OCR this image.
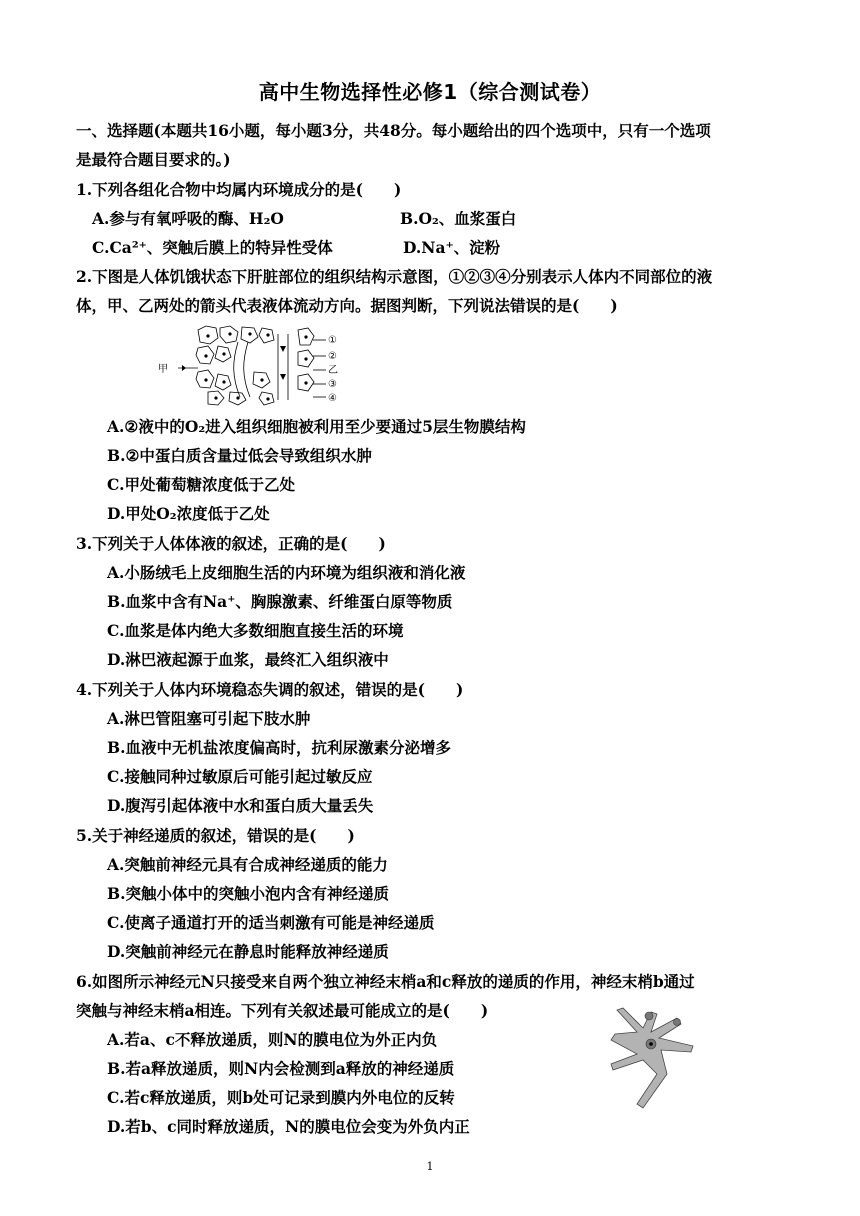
高中生物选择性必修1（综合测试卷）
一、选择题(本题共16小题，每小题3分，共48分。每小题给出的四个选项中，只有一个选项
是最符合题目要求的。)
1.下列各组化合物中均属内环境成分的是(　　)
A.参与有氧呼吸的酶、H₂O	B.O₂、血浆蛋白
C.Ca²⁺、突触后膜上的特异性受体	D.Na⁺、淀粉
2.下图是人体饥饿状态下肝脏部位的组织结构示意图，①②③④分别表示人体内不同部位的液
体，甲、乙两处的箭头代表液体流动方向。据图判断，下列说法错误的是(　　)
甲
①
②
乙
③
④
A.②液中的O₂进入组织细胞被利用至少要通过5层生物膜结构
B.②中蛋白质含量过低会导致组织水肿
C.甲处葡萄糖浓度低于乙处
D.甲处O₂浓度低于乙处
3.下列关于人体体液的叙述，正确的是(　　)
A.小肠绒毛上皮细胞生活的内环境为组织液和消化液
B.血浆中含有Na⁺、胸腺激素、纤维蛋白原等物质
C.血浆是体内绝大多数细胞直接生活的环境
D.淋巴液起源于血浆，最终汇入组织液中
4.下列关于人体内环境稳态失调的叙述，错误的是(　　)
A.淋巴管阻塞可引起下肢水肿
B.血液中无机盐浓度偏高时，抗利尿激素分泌增多
C.接触同种过敏原后可能引起过敏反应
D.腹泻引起体液中水和蛋白质大量丢失
5.关于神经递质的叙述，错误的是(　　)
A.突触前神经元具有合成神经递质的能力
B.突触小体中的突触小泡内含有神经递质
C.使离子通道打开的适当刺激有可能是神经递质
D.突触前神经元在静息时能释放神经递质
6.如图所示神经元N只接受来自两个独立神经末梢a和c释放的递质的作用，神经末梢b通过
突触与神经末梢a相连。下列有关叙述最可能成立的是(　　)
A.若a、c不释放递质，则N的膜电位为外正内负
B.若a释放递质，则N内会检测到a释放的神经递质
C.若c释放递质，则b处可记录到膜内外电位的反转
D.若b、c同时释放递质，N的膜电位会变为外负内正
1
